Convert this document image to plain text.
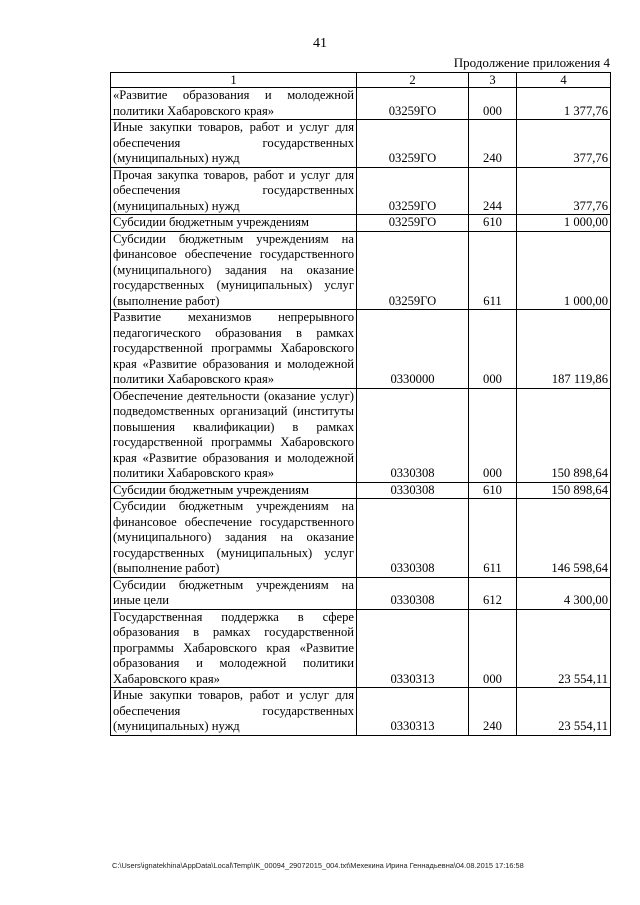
41
Продолжение приложения 4
1	2	3	4
«Развитие образования и молодежной политики Хабаровского края»	03259ГО	000	1 377,76
Иные закупки товаров, работ и услуг для обеспечения государственных (муниципальных) нужд	03259ГО	240	377,76
Прочая закупка товаров, работ и услуг для обеспечения государственных (муниципальных) нужд	03259ГО	244	377,76
Субсидии бюджетным учреждениям	03259ГО	610	1 000,00
Субсидии бюджетным учреждениям на финансовое обеспечение государственного (муниципального) задания на оказание государственных (муниципальных) услуг (выполнение работ)	03259ГО	611	1 000,00
Развитие механизмов непрерывного педагогического образования в рамках государственной программы Хабаровского края «Развитие образования и молодежной политики Хабаровского края»	0330000	000	187 119,86
Обеспечение деятельности (оказание услуг) подведомственных организаций (институты повышения квалификации) в рамках государственной программы Хабаровского края «Развитие образования и молодежной политики Хабаровского края»	0330308	000	150 898,64
Субсидии бюджетным учреждениям	0330308	610	150 898,64
Субсидии бюджетным учреждениям на финансовое обеспечение государственного (муниципального) задания на оказание государственных (муниципальных) услуг (выполнение работ)	0330308	611	146 598,64
Субсидии бюджетным учреждениям на иные цели	0330308	612	4 300,00
Государственная поддержка в сфере образования в рамках государственной программы Хабаровского края «Развитие образования и молодежной политики Хабаровского края»	0330313	000	23 554,11
Иные закупки товаров, работ и услуг для обеспечения государственных (муниципальных) нужд	0330313	240	23 554,11
C:\Users\ignatekhina\AppData\Local\Temp\IK_00094_29072015_004.txt\Мехекина Ирина Геннадьевна\04.08.2015 17:16:58
